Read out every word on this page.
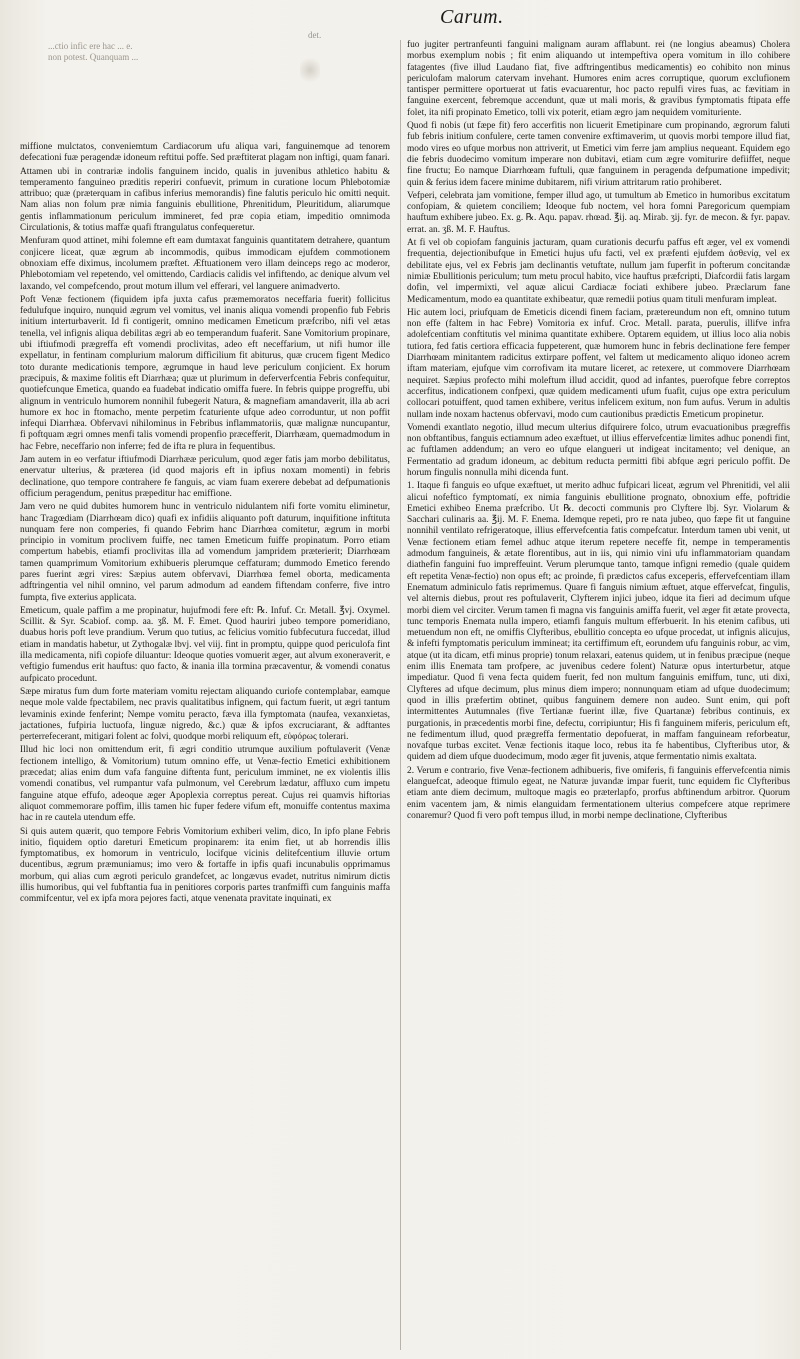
Carum.
det.
...ctio infic ere hac ... e.
non potest. Quanquam ...

miffione mulctatos, conveniemtum Cardiacorum ufu aliqua vari, fanguinemque ad tenorem defecationi fuæ peragendæ idoneum reftitui poffe. Sed præftiterat plagam non inftigi, quam fanari.

Attamen ubi in contrariæ indolis fanguinem incido, qualis in juvenibus athletico habitu & temperamento fanguineo præditis reperiri confuevit, primum in curatione locum Phlebotomiæ attribuo; quæ (præterquam in cafibus inferius memorandis) fine falutis periculo hic omitti nequit. Nam alias non folum præ nimia fanguinis ebullitione, Phrenitidum, Pleuritidum, aliarumque gentis inflammationum periculum immineret, fed præ copia etiam, impeditio omnimoda Circulationis, & totius maffæ quafi ftrangulatus confequeretur.

Menfuram quod attinet, mihi folemne eft eam dumtaxat fanguinis quantitatem detrahere, quantum conjicere liceat, quæ ægrum ab incommodis, quibus immodicam ejufdem commotionem obnoxiam effe diximus, incolumem præftet. Æftuationem vero illam deinceps rego ac moderor, Phlebotomiam vel repetendo, vel omittendo, Cardiacis calidis vel infiftendo, ac denique alvum vel laxando, vel compefcendo, prout motum illum vel efferari, vel languere animadverto.

Poft Venæ fectionem (fiquidem ipfa juxta cafus præmemoratos neceffaria fuerit) follicitus fedulufque inquiro, nunquid ægrum vel vomitus, vel inanis aliqua vomendi propenfio fub Febris initium interturbaverit. Id fi contigerit, omnino medicamen Emeticum præfcribo, nifi vel ætas tenella, vel infignis aliqua debilitas ægri ab eo temperandum fuaferit. Sane Vomitorium propinare, ubi iftiufmodi prægreffa eft vomendi proclivitas, adeo eft neceffarium, ut nifi humor ille expellatur, in fentinam complurium malorum difficilium fit abiturus, quæ crucem figent Medico toto durante medicationis tempore, ægrumque in haud leve periculum conjicient. Ex horum præcipuis, & maxime folitis eft Diarrhæa; quæ ut plurimum in deferverfcentia Febris confequitur, quotiefcunque Emetica, quando ea fuadebat indicatio omiffa fuere. In febris quippe progreffu, ubi alignum in ventriculo humorem nonnihil fubegerit Natura, & magnefiam amandaverit, illa ab acri humore ex hoc in ftomacho, mente perpetim fcaturiente ufque adeo corroduntur, ut non poffit infequi Diarrhæa. Obfervavi nihilominus in Febribus inflammatoriis, quæ malignæ nuncupantur, fi poftquam ægri omnes menfi talis vomendi propenfio præcefferit, Diarrhæam, quemadmodum in hac Febre, neceffario non inferre; fed de ifta re plura in fequentibus.

Jam autem in eo verfatur iftiufmodi Diarrhææ periculum, quod æger fatis jam morbo debilitatus, enervatur ulterius, & præterea (id quod majoris eft in ipfius noxam momenti) in febris declinatione, quo tempore contrahere fe fanguis, ac viam fuam exerere debebat ad defpumationis officium peragendum, penitus præpeditur hac emiffione.

Jam vero ne quid dubites humorem hunc in ventriculo nidulantem nifi forte vomitu eliminetur, hanc Tragœdiam (Diarrhœam dico) quafi ex infidiis aliquanto poft daturum, inquifitione inftituta nunquam fere non comperies, fi quando Febrim hanc Diarrhœa comitetur, ægrum in morbi principio in vomitum proclivem fuiffe, nec tamen Emeticum fuiffe propinatum. Porro etiam compertum habebis, etiamfi proclivitas illa ad vomendum jampridem præterierit; Diarrhœam tamen quamprimum Vomitorium exhibueris plerumque ceffaturam; dummodo Emetico ferendo pares fuerint ægri vires: Sæpius autem obfervavi, Diarrhœa femel oborta, medicamenta adftringentia vel nihil omnino, vel parum admodum ad eandem fiftendam conferre, five intro fumpta, five exterius applicata.

Emeticum, quale paffim a me propinatur, hujufmodi fere eft: ℞. Infuf. Cr. Metall. ℥vj. Oxymel. Scillit. & Syr. Scabiof. comp. aa. ʒß. M. F. Emet. Quod hauriri jubeo tempore pomeridiano, duabus horis poft leve prandium. Verum quo tutius, ac felicius vomitio fubfecutura fuccedat, illud etiam in mandatis habetur, ut Zythogalæ lbvj. vel viij. fint in promptu, quippe quod periculofa fint illa medicamenta, nifi copiofe diluantur: Ideoque quoties vomuerit æger, aut alvum exoneraverit, e veftigio fumendus erit hauftus: quo facto, & inania illa tormina præcaventur, & vomendi conatus aufpicato procedunt.

Sæpe miratus fum dum forte materiam vomitu rejectam aliquando curiofe contemplabar, eamque neque mole valde fpectabilem, nec pravis qualitatibus infignem, qui factum fuerit, ut ægri tantum levaminis exinde fenferint; Nempe vomitu peracto, fæva illa fymptomata (naufea, vexanxietas, jactationes, fufpiria luctuofa, linguæ nigredo, &c.) quæ & ipfos excruciarant, & adftantes perterrefecerant, mitigari folent ac folvi, quodque morbi reliquum eft, εὐφόρως tolerari.

Illud hic loci non omittendum erit, fi ægri conditio utrumque auxilium poftulaverit (Venæ fectionem intelligo, & Vomitorium) tutum omnino effe, ut Venæ-fectio Emetici exhibitionem præcedat; alias enim dum vafa fanguine diftenta funt, periculum imminet, ne ex violentis illis vomendi conatibus, vel rumpantur vafa pulmonum, vel Cerebrum lædatur, affluxo cum impetu fanguine atque effufo, adeoque æger Apoplexia correptus pereat. Cujus rei quamvis hiftorias aliquot commemorare poffim, illis tamen hic fuper federe vifum eft, monuiffe contentus maxima hac in re cautela utendum effe.

Si quis autem quærit, quo tempore Febris Vomitorium exhiberi velim, dico, In ipfo plane Febris initio, fiquidem optio dareturi Emeticum propinarem: ita enim fiet, ut ab horrendis illis fymptomatibus, ex homorum in ventriculo, locifque vicinis delitefcentium illuvie ortum ducentibus, ægrum præmuniamus; imo vero & fortaffe in ipfis quafi incunabulis opprimamus morbum, qui alias cum ægroti periculo grandefcet, ac longævus evadet, nutritus nimirum dictis illis humoribus, qui vel fubftantia fua in penitiores corporis partes tranfmiffi cum fanguinis maffa commifcentur, vel ex ipfa mora pejores facti, atque venenata pravitate inquinati, ex

fuo jugiter pertranfeunti fanguini malignam auram afflabunt. rei (ne longius abeamus) Cholera morbus exemplum nobis ; fit enim aliquando ut intempeftiva opera vomitum in illo cohibere fatagentes (five illud Laudano fiat, five adftringentibus medicamentis) eo cohibito non minus periculofam malorum catervam invehant. Humores enim acres corruptique, quorum exclufionem tantisper permittere oportuerat ut fatis evacuarentur, hoc pacto repulfi vires fuas, ac fævitiam in fanguine exercent, febremque accendunt, quæ ut mali moris, & gravibus fymptomatis ftipata effe folet, ita nifi propinato Emetico, tolli vix poterit, etiam ægro jam nequidem vomituriente.

Quod fi nobis (ut fæpe fit) fero accerfitis non licuerit Emetipinare cum propinando, ægrorum faluti fub febris initium confulere, certe tamen convenire exftimaverim, ut quovis morbi tempore illud fiat, modo vires eo ufque morbus non attriverit, ut Emetici vim ferre jam amplius nequeant. Equidem ego die febris duodecimo vomitum imperare non dubitavi, etiam cum ægre vomiturire defiiffet, neque fine fructu; Eo namque Diarrhœam fuftuli, quæ fanguinem in peragenda defpumatione impedivit; quin & ferius idem facere minime dubitarem, nifi virium attritarum ratio prohiberet.

Vefperi, celebrata jam vomitione, femper illud ago, ut tumultum ab Emetico in humoribus excitatum confopiam, & quietem conciliem; Ideoque fub noctem, vel hora fomni Paregoricum quempiam hauftum exhibere jubeo. Ex. g. ℞. Aqu. papav. rhœad. ℥ij. aq. Mirab. ʒij. fyr. de mecon. & fyr. papav. errat. an. ʒß. M. F. Hauftus.

At fi vel ob copiofam fanguinis jacturam, quam curationis decurfu paffus eft æger, vel ex vomendi frequentia, dejectionibufque in Emetici hujus ufu facti, vel ex præfenti ejufdem ἀσθενίᾳ, vel ex debilitate ejus, vel ex Febris jam declinantis vetuftate, nullum jam fuperfit in pofterum concitandæ nimiæ Ebullitionis periculum; tum metu procul habito, vice hauftus præfcripti, Diafcordii fatis largam dofin, vel impermixti, vel aquæ alicui Cardiacæ fociati exhibere jubeo. Præclarum fane Medicamentum, modo ea quantitate exhibeatur, quæ remedii potius quam tituli menfuram impleat.

Hic autem loci, priufquam de Emeticis dicendi finem faciam, prætereundum non eft, omnino tutum non effe (faltem in hac Febre) Vomitoria ex infuf. Croc. Metall. parata, puerulis, illifve infra adolefcentiam conftitutis vel minima quantitate exhibere. Optarem equidem, ut illius loco alia nobis tutiora, fed fatis certiora efficacia fuppeterent, quæ humorem hunc in febris declinatione fere femper Diarrhœam minitantem radicitus extirpare poffent, vel faltem ut medicamento aliquo idoneo acrem iftam materiam, ejufque vim corrofivam ita mutare liceret, ac retexere, ut commovere Diarrhœam nequiret. Sæpius profecto mihi moleftum illud accidit, quod ad infantes, puerofque febre correptos accerfitus, indicationem confpexi, quæ quidem medicamenti ufum fuafit, cujus ope extra periculum collocari potuiffent, quod tamen exhibere, veritus infelicem exitum, non fum aufus. Verum in adultis nullam inde noxam hactenus obfervavi, modo cum cautionibus prædictis Emeticum propinetur.

Vomendi exantlato negotio, illud mecum ulterius difquirere folco, utrum evacuationibus prægreffis non obftantibus, fanguis ectiamnum adeo exæftuet, ut illius effervefcentiæ limites adhuc ponendi fint, ac fuftlamen addendum; an vero eo ufque elangueri ut indigeat incitamento; vel denique, an Fermentatio ad gradum idoneum, ac debitum reducta permitti fibi abfque ægri periculo poffit. De horum fingulis nonnulla mihi dicenda funt.

1. Itaque fi fanguis eo ufque exæftuet, ut merito adhuc fufpicari liceat, ægrum vel Phrenitidi, vel alii alicui nofeftico fymptomatí, ex nimia fanguinis ebullitione prognato, obnoxium effe, poftridie Emetici exhibeo Enema præfcribo. Ut ℞. decocti communis pro Clyftere lbj. Syr. Violarum & Sacchari culinaris aa. ℥ij. M. F. Enema. Idemque repeti, pro re nata jubeo, quo fæpe fit ut fanguine nonnihil ventilato refrigeratoque, illius effervefcentia fatis compefcatur. Interdum tamen ubi venit, ut Venæ fectionem etiam femel adhuc atque iterum repetere neceffe fit, nempe in temperamentis admodum fanguineis, & ætate florentibus, aut in iis, qui nimio vini ufu inflammatoriam quandam diathefin fanguini fuo impreffeuint. Verum plerumque tanto, tamque infigni remedio (quale quidem eft repetita Venæ-fectio) non opus eft; ac proinde, fi prædictos cafus exceperis, effervefcentiam illam Enematum adminiculo fatis reprimemus. Quare fi fanguis nimium æftuet, atque effervefcat, fingulis, vel alternis diebus, prout res poftulaverit, Clyfterem injici jubeo, idque ita fieri ad decimum ufque morbi diem vel circiter. Verum tamen fi magna vis fanguinis amiffa fuerit, vel æger fit ætate provecta, tunc temporis Enemata nulla impero, etiamfi fanguis multum efferbuerit. In his etenim cafibus, uti metuendum non eft, ne omiffis Clyfteribus, ebullitio concepta eo ufque procedat, ut infignis alicujus, & infefti fymptomatis periculum immineat; ita certiffimum eft, eorundem ufu fanguinis robur, ac vim, atque (ut ita dicam, etfi minus proprie) tonum relaxari, eatenus quidem, ut in fenibus præcipue (neque enim illis Enemata tam profpere, ac juvenibus cedere folent) Naturæ opus interturbetur, atque impediatur. Quod fi vena fecta quidem fuerit, fed non multum fanguinis emiffum, tunc, uti dixi, Clyfteres ad ufque decimum, plus minus diem impero; nonnunquam etiam ad ufque duodecimum; quod in illis præfertim obtinet, quibus fanguinem demere non audeo. Sunt enim, qui poft intermittentes Autumnales (five Tertianæ fuerint illæ, five Quartanæ) febribus continuis, ex purgationis, in præcedentis morbi fine, defectu, corripiuntur; His fi fanguinem miferis, periculum eft, ne fedimentum illud, quod prægreffa fermentatio depofuerat, in maffam fanguineam reforbeatur, novafque turbas excitet. Venæ fectionis itaque loco, rebus ita fe habentibus, Clyfteribus utor, & quidem ad diem ufque duodecimum, modo æger fit juvenis, atque fermentatio nimis exaltata.

2. Verum e contrario, five Venæ-fectionem adhibueris, five omiferis, fi fanguinis effervefcentia nimis elanguefcat, adeoque ftimulo egeat, ne Naturæ juvandæ impar fuerit, tunc equidem fic Clyfteribus etiam ante diem decimum, multoque magis eo præterlapfo, prorfus abftinendum arbitror. Quorum enim vacentem jam, & nimis elanguidam fermentationem ulterius compefcere atque reprimere conaremur? Quod fi vero poft tempus illud, in morbi nempe declinatione, Clyfteribus
